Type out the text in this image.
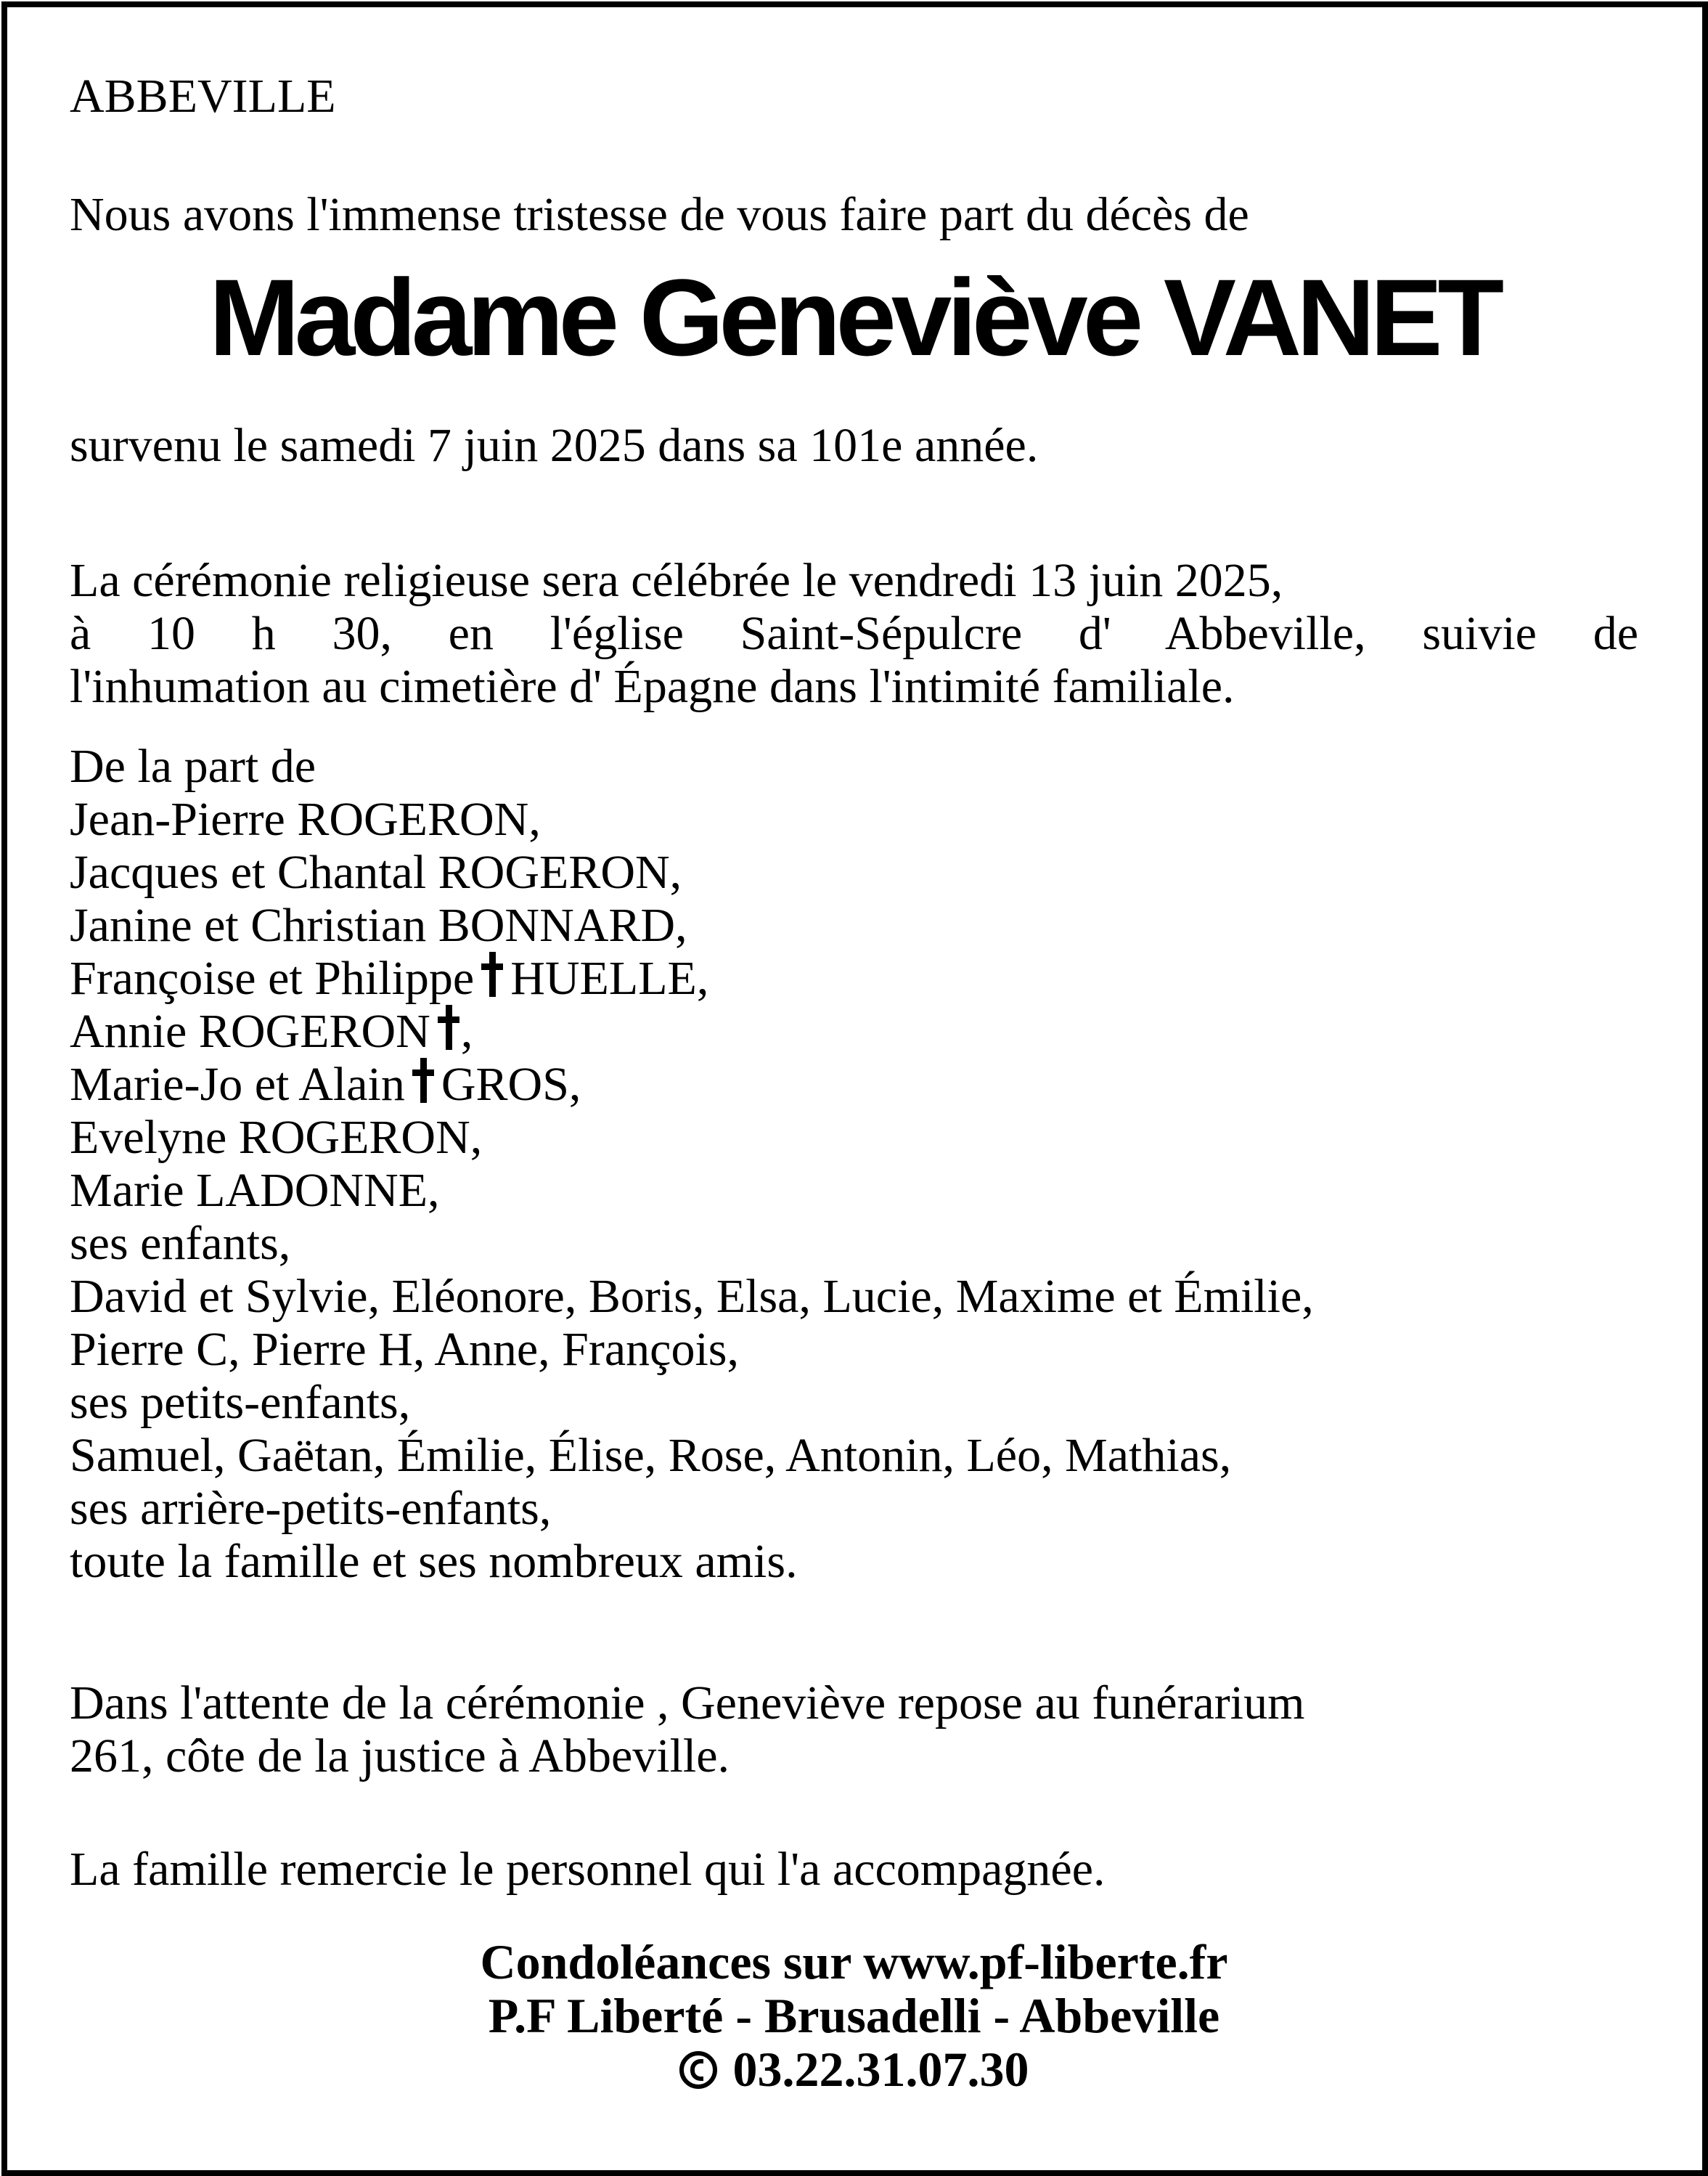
ABBEVILLE

Nous avons l'immense tristesse de vous faire part du décès de

Madame Geneviève VANET

survenu le samedi 7 juin 2025 dans sa 101e année.

La cérémonie religieuse sera célébrée le vendredi 13 juin 2025,
à 10 h 30, en l'église Saint-Sépulcre d' Abbeville, suivie de
l'inhumation au cimetière d' Épagne dans l'intimité familiale.
De la part de
Jean-Pierre ROGERON,
Jacques et Chantal ROGERON,
Janine et Christian BONNARD,
Françoise et Philippe HUELLE,
Annie ROGERON ,
Marie-Jo et Alain GROS,
Evelyne ROGERON,
Marie LADONNE,
ses enfants,
David et Sylvie, Eléonore, Boris, Elsa, Lucie, Maxime et Émilie,
Pierre C, Pierre H, Anne, François,
ses petits-enfants,
Samuel, Gaëtan, Émilie, Élise, Rose, Antonin, Léo, Mathias,
ses arrière-petits-enfants,
toute la famille et ses nombreux amis.

Dans l'attente de la cérémonie , Geneviève repose au funérarium

261, côte de la justice à Abbeville.

La famille remercie le personnel qui l'a accompagnée.

Condoléances sur www.pf-liberte.fr

P.F Liberté - Brusadelli - Abbeville

03.22.31.07.30
